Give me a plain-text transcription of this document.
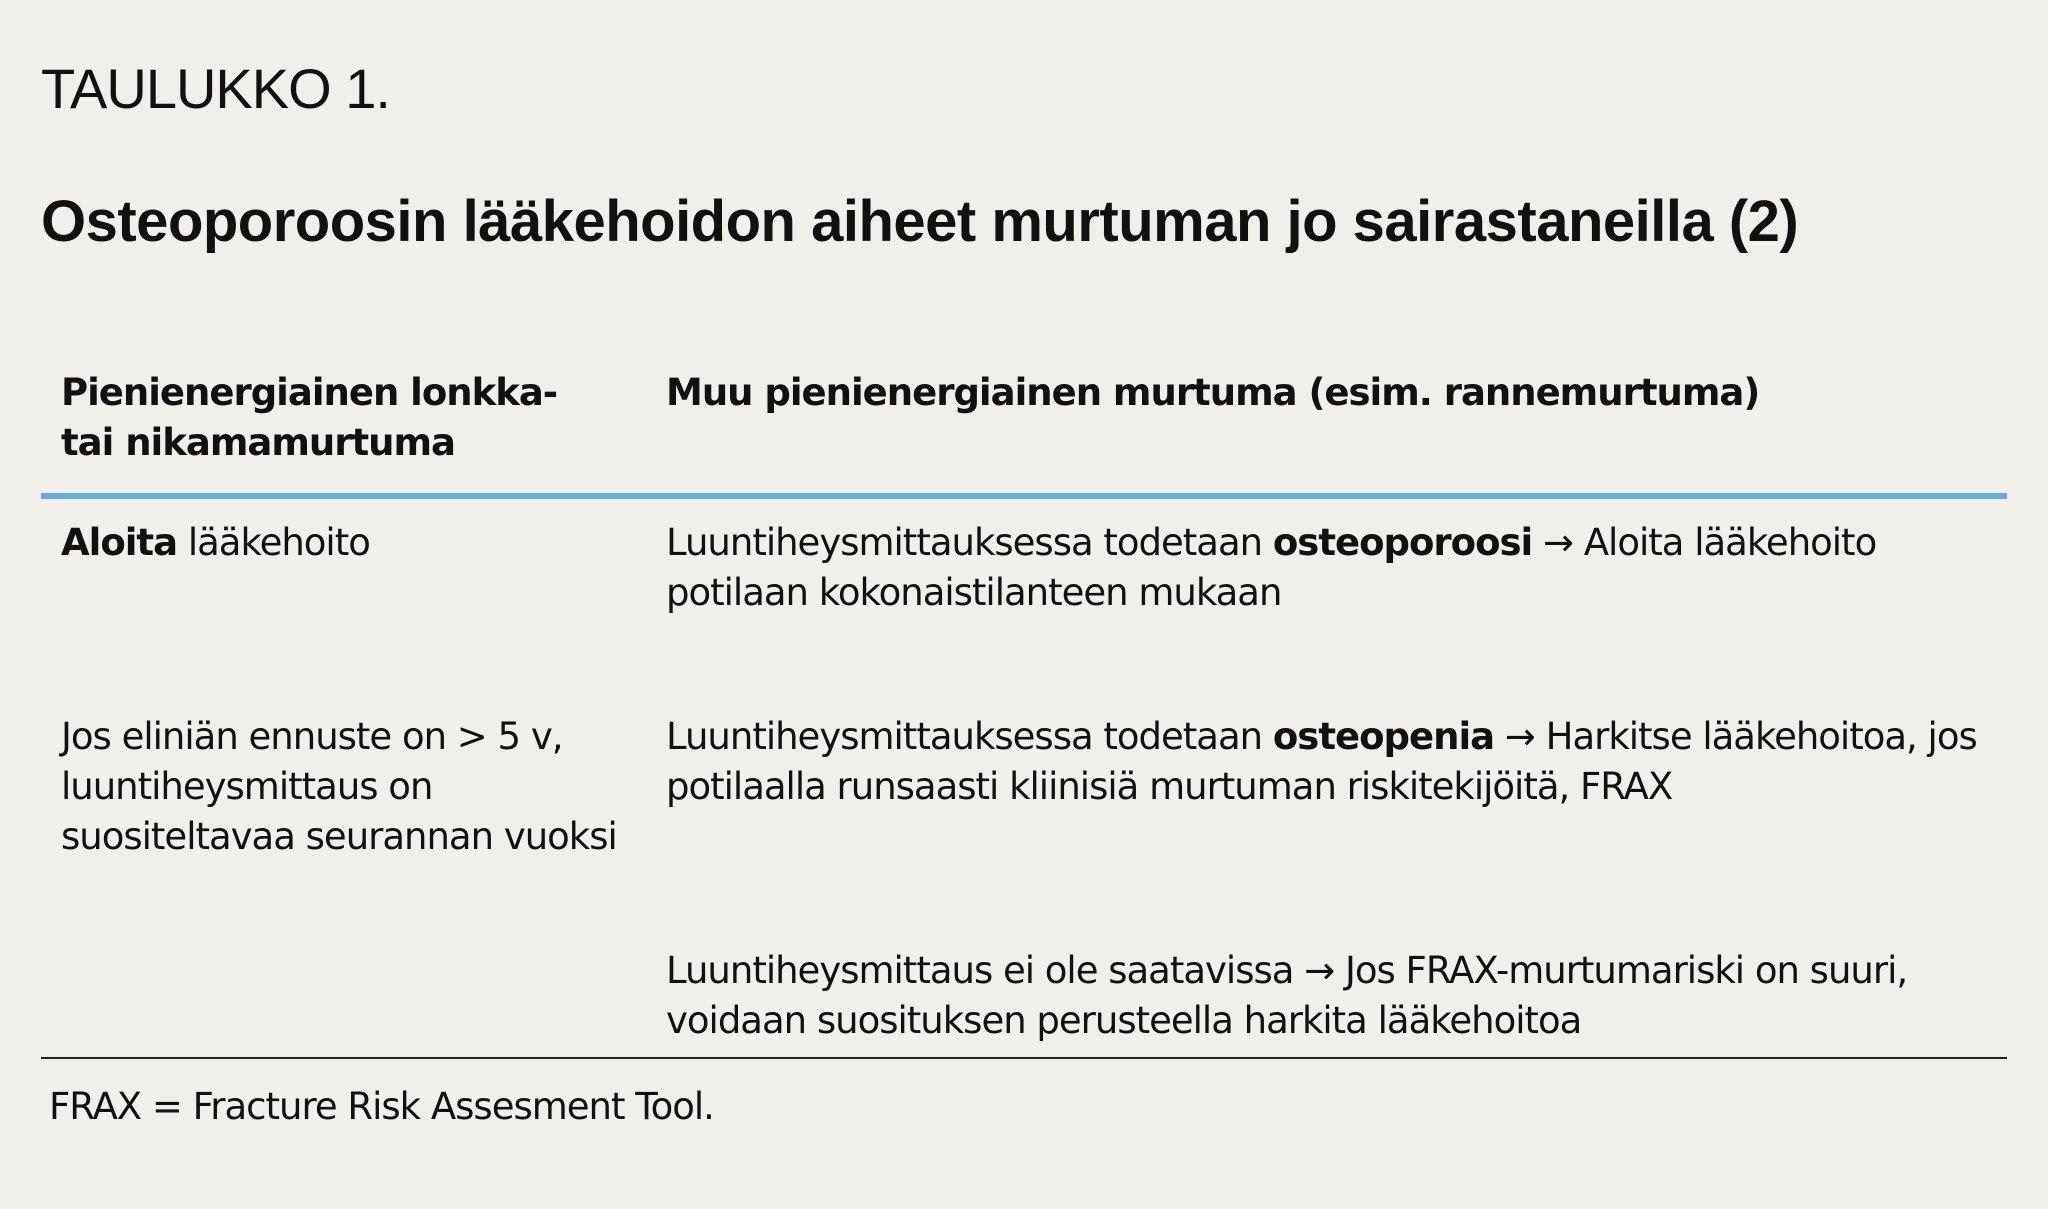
TAULUKKO 1.
Osteoporoosin lääkehoidon aiheet murtuman jo sairastaneilla (2)
Pienienergiainen lonkka- tai nikamamurtuma
Muu pienienergiainen murtuma (esim. rannemurtuma)
Aloita lääkehoito	Luuntiheysmittauksessa todetaan osteoporoosi → Aloita lääkehoito potilaan kokonaistilanteen mukaan
Jos eliniän ennuste on > 5 v, luuntiheysmittaus on suositeltavaa seurannan vuoksi
Luuntiheysmittauksessa todetaan osteopenia → Harkitse lääkehoitoa, jos potilaalla runsaasti kliinisiä murtuman riskitekijöitä, FRAX
Luuntiheysmittaus ei ole saatavissa → Jos FRAX-murtumariski on suuri, voidaan suosituksen perusteella harkita lääkehoitoa
FRAX = Fracture Risk Assesment Tool.
